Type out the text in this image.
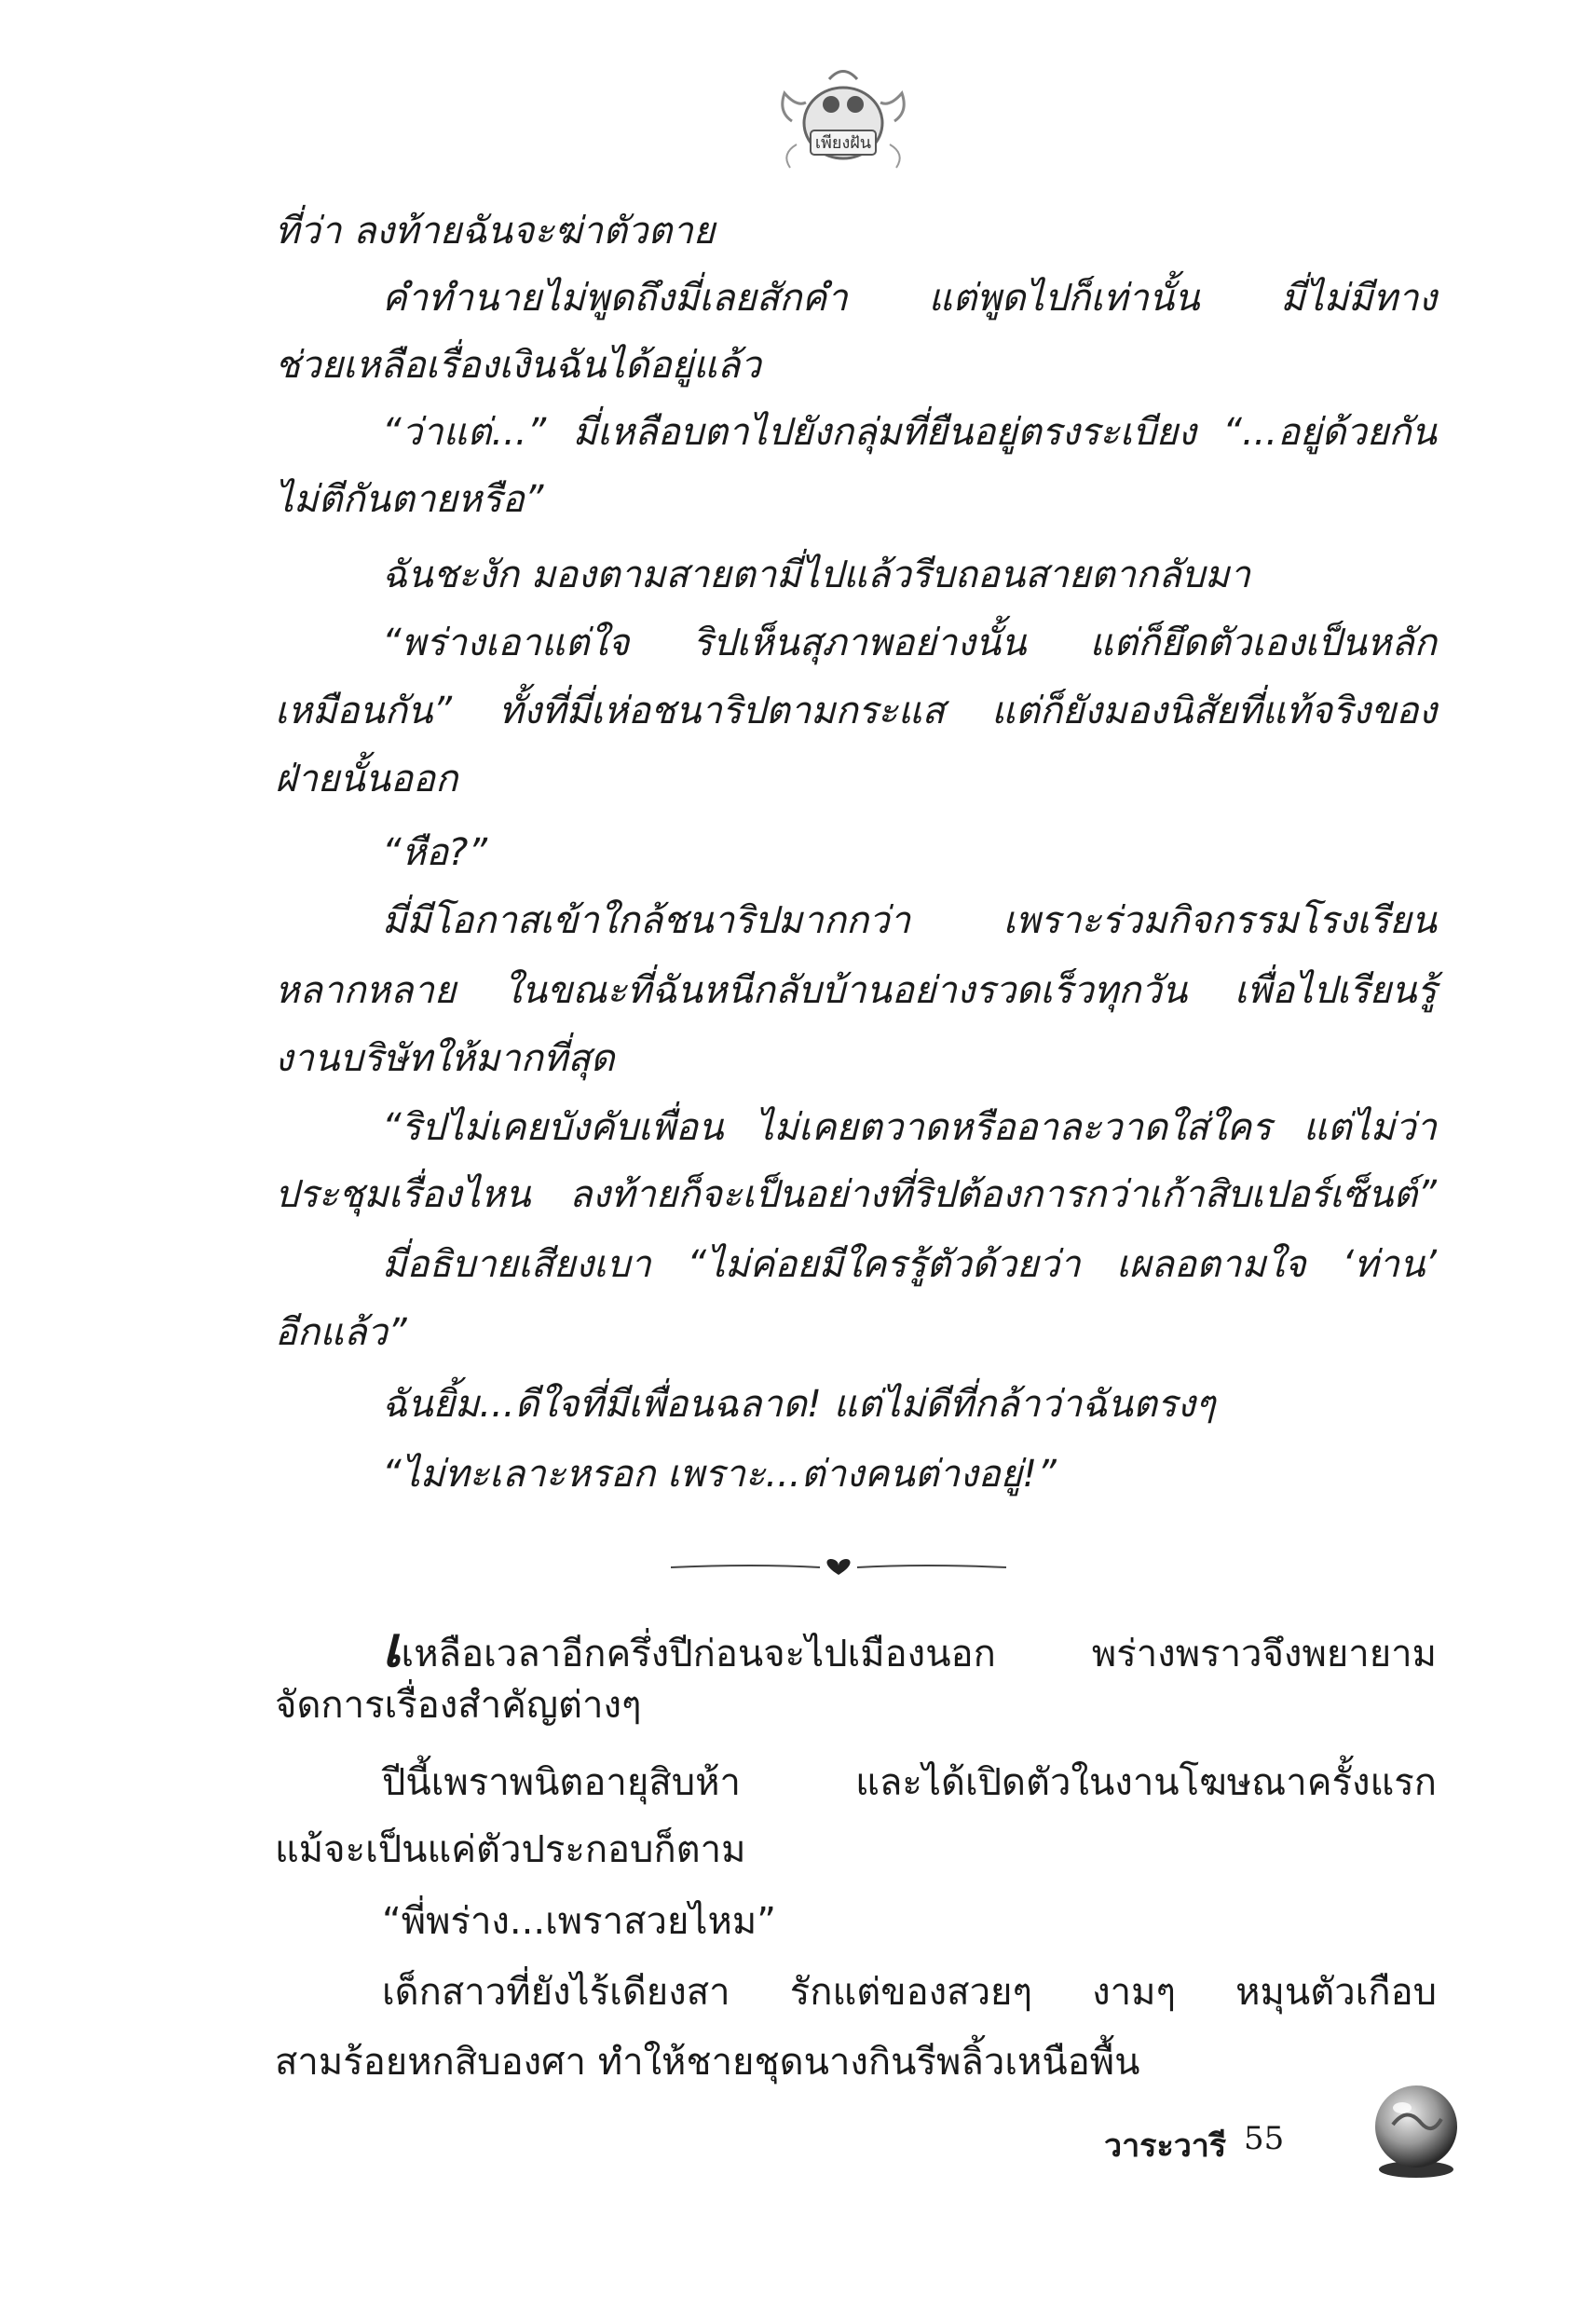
เพียงฝัน

ที่ว่า ลงท้ายฉันจะฆ่าตัวตาย

คำทำนายไม่พูดถึงมี่เลยสักคำ แต่พูดไปก็เท่านั้น มี่ไม่มีทาง

ช่วยเหลือเรื่องเงินฉันได้อยู่แล้ว

“ว่าแต่...” มี่เหลือบตาไปยังกลุ่มที่ยืนอยู่ตรงระเบียง “...อยู่ด้วยกัน

ไม่ตีกันตายหรือ”

ฉันชะงัก มองตามสายตามี่ไปแล้วรีบถอนสายตากลับมา

“พร่างเอาแต่ใจ ริปเห็นสุภาพอย่างนั้น แต่ก็ยึดตัวเองเป็นหลัก

เหมือนกัน” ทั้งที่มี่เห่อชนาริปตามกระแส แต่ก็ยังมองนิสัยที่แท้จริงของ

ฝ่ายนั้นออก

“หือ?”

มี่มีโอกาสเข้าใกล้ชนาริปมากกว่า เพราะร่วมกิจกรรมโรงเรียน

หลากหลาย ในขณะที่ฉันหนีกลับบ้านอย่างรวดเร็วทุกวัน เพื่อไปเรียนรู้

งานบริษัทให้มากที่สุด

“ริปไม่เคยบังคับเพื่อน ไม่เคยตวาดหรืออาละวาดใส่ใคร แต่ไม่ว่า

ประชุมเรื่องไหน ลงท้ายก็จะเป็นอย่างที่ริปต้องการกว่าเก้าสิบเปอร์เซ็นต์”

มี่อธิบายเสียงเบา “ไม่ค่อยมีใครรู้ตัวด้วยว่า เผลอตามใจ ‘ท่าน’

อีกแล้ว”

ฉันยิ้ม...ดีใจที่มีเพื่อนฉลาด! แต่ไม่ดีที่กล้าว่าฉันตรงๆ

“ไม่ทะเลาะหรอก เพราะ...ต่างคนต่างอยู่!”

เเหลือเวลาอีกครึ่งปีก่อนจะไปเมืองนอก พร่างพราวจึงพยายาม

จัดการเรื่องสำคัญต่างๆ

ปีนี้เพราพนิตอายุสิบห้า และได้เปิดตัวในงานโฆษณาครั้งแรก

แม้จะเป็นแค่ตัวประกอบก็ตาม

“พี่พร่าง...เพราสวยไหม”

เด็กสาวที่ยังไร้เดียงสา รักแต่ของสวยๆ งามๆ หมุนตัวเกือบ

สามร้อยหกสิบองศา ทำให้ชายชุดนางกินรีพลิ้วเหนือพื้น

วาระวารี 55
